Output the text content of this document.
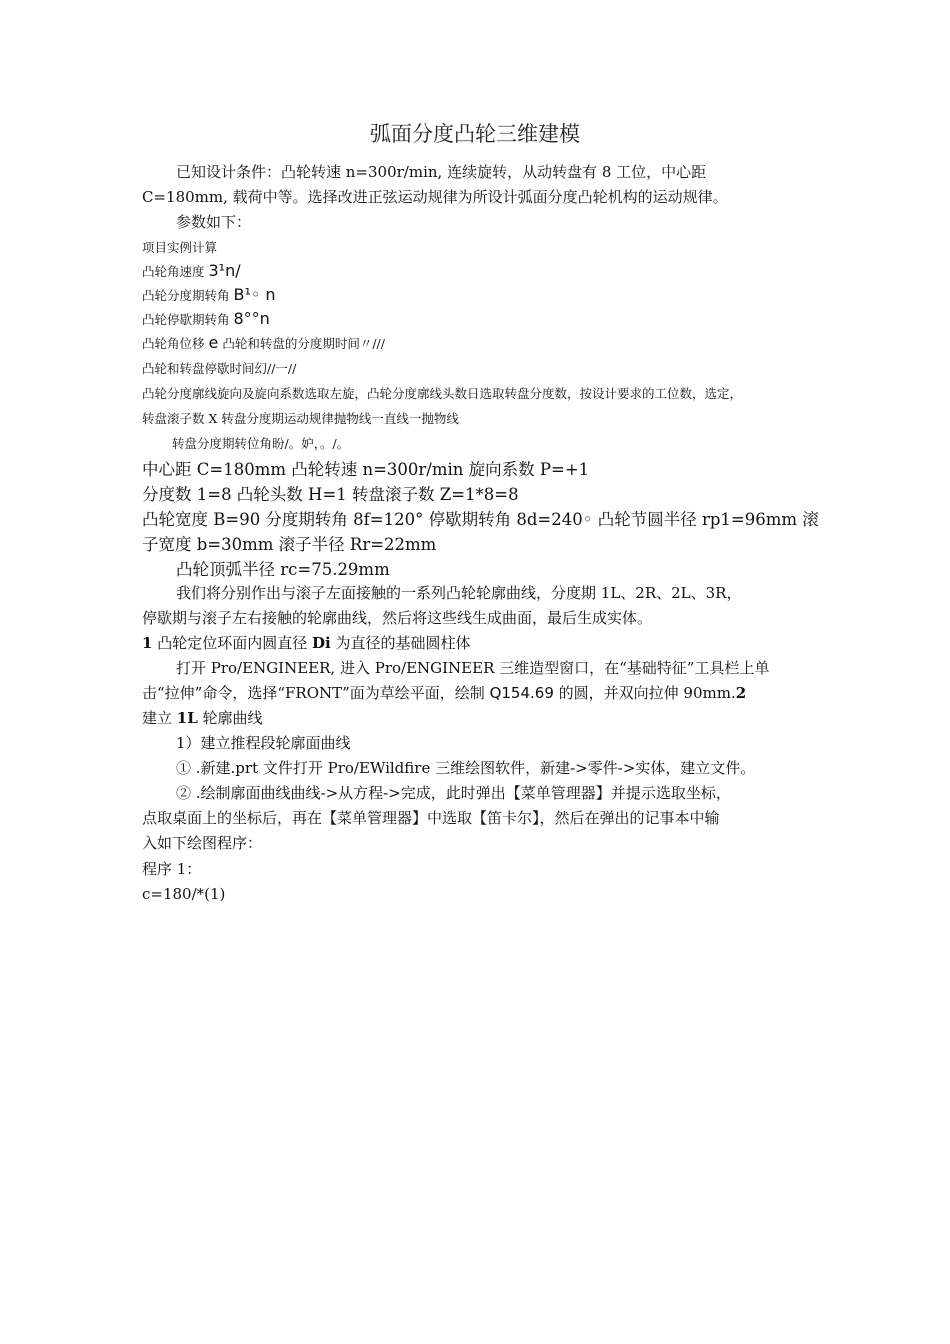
弧面分度凸轮三维建模
已知设计条件：凸轮转速 n=300r/min, 连续旋转，从动转盘有 8 工位，中心距
C=180mm, 载荷中等。选择改进正弦运动规律为所设计弧面分度凸轮机构的运动规律。
参数如下：
项目实例计算
凸轮角速度 3¹n/
凸轮分度期转角 B¹◦ n
凸轮停歇期转角 8°°n
凸轮角位移 e 凸轮和转盘的分度期时间〃///
凸轮和转盘停歇时间幻//一//
凸轮分度廓线旋向及旋向系数选取左旋，凸轮分度廓线头数日选取转盘分度数，按设计要求的工位数，选定，
转盘滚子数 X 转盘分度期运动规律抛物线一直线一抛物线
转盘分度期转位角盼/。妒，。/。
中心距 C=180mm 凸轮转速 n=300r/min 旋向系数 P=+1
分度数 1=8 凸轮头数 H=1 转盘滚子数 Z=1*8=8
凸轮宽度 B=90 分度期转角 8f=120° 停歇期转角 8d=240◦ 凸轮节圆半径 rp1=96mm 滚
子宽度 b=30mm 滚子半径 Rr=22mm
凸轮顶弧半径 rc=75.29mm
我们将分别作出与滚子左面接触的一系列凸轮轮廓曲线，分度期 1L、2R、2L、3R，
停歇期与滚子左右接触的轮廓曲线，然后将这些线生成曲面，最后生成实体。
1 凸轮定位环面内圆直径 Di 为直径的基础圆柱体
打开 Pro/ENGINEER, 进入 Pro/ENGINEER 三维造型窗口，在“基础特征”工具栏上单
击“拉伸”命令，选择“FRONT”面为草绘平面，绘制 Q154.69 的圆，并双向拉伸 90mm.2
建立 1L 轮廓曲线
1）建立推程段轮廓面曲线
① .新建.prt 文件打开 Pro/EWildfire 三维绘图软件，新建->零件->实体，建立文件。
② .绘制廓面曲线曲线->从方程->完成，此时弹出【菜单管理器】并提示选取坐标，
点取桌面上的坐标后，再在【菜单管理器】中选取【笛卡尔】，然后在弹出的记事本中输
入如下绘图程序：
程序 1：
c=180/*(1)
